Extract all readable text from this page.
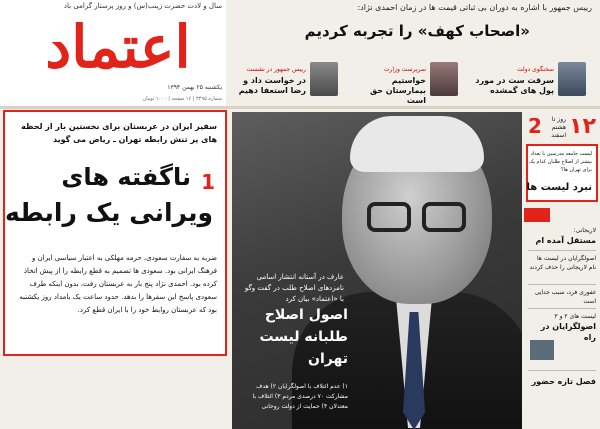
سال و لادت حضرت زینب(س) و روز پرستار گرامی باد
اعتماد
یکشنبه ۲۵ بهمن ۱۳۹۴
شماره ۳۴۹۵ | ۱۶ صفحه | ۱۰۰۰ تومان
رییس جمهور با اشاره به دوران بی ثباتی قیمت ها در زمان احمدی نژاد:
«اصحاب کهف» را تجربه کردیم
رییس جمهور در نشست
در خواست داد و رضا استعفا دهیم
سرپرست وزارت
خواستیم بیمارستان حق است
سخنگوی دولت
سرقت ست در مورد پول های گمشده
سفیر ایران در عربستان برای نخستین بار از لحظه های پر تنش رابطه تهران ـ ریاض می گوید
1
ناگفته های
ویرانی یک رابطه
ضربه به سفارت سعودی، حرمه مهلکی به اعتبار سیاسی ایران و فرهنگ ایرانی بود. سعودی ها تصمیم به قطع رابطه را از پیش اتخاذ کرده بود. احمدی نژاد پنج بار به عربستان رفت، بدون اینکه طرف سعودی پاسخ این سفرها را بدهد. حدود ساعت یک بامداد روز یکشنبه بود که عربستان روابط خود را با ایران قطع کرد.
عارف در آستانه انتشار اسامی نامزدهای اصلاح طلب در گفت وگو با «اعتماد» بیان کرد
اصول اصلاح طلبانه لیست تهران
۱) عدم ائتلاف با اصولگرایان ۲) هدف مشارکت ۷۰ درصدی مردم ۳) ائتلاف با معتدلان ۴) حمایت از دولت روحانی
۱۲
روز تا هشتم اسفند
2
لیست جامعه مدرسین با تعداد بیشتر از اصلاح طلبان کدام یک برای تهران ها؟
نبرد لیست ها
لاریجانی:
مستقل آمده ام
اصولگرایان در لیست ها نام لاریجانی را حذف کردند
غفوری فرد، سبب جدایی است
لیست های ۲ و ۳
اصولگرایان در راه
فصل تازه حضور
